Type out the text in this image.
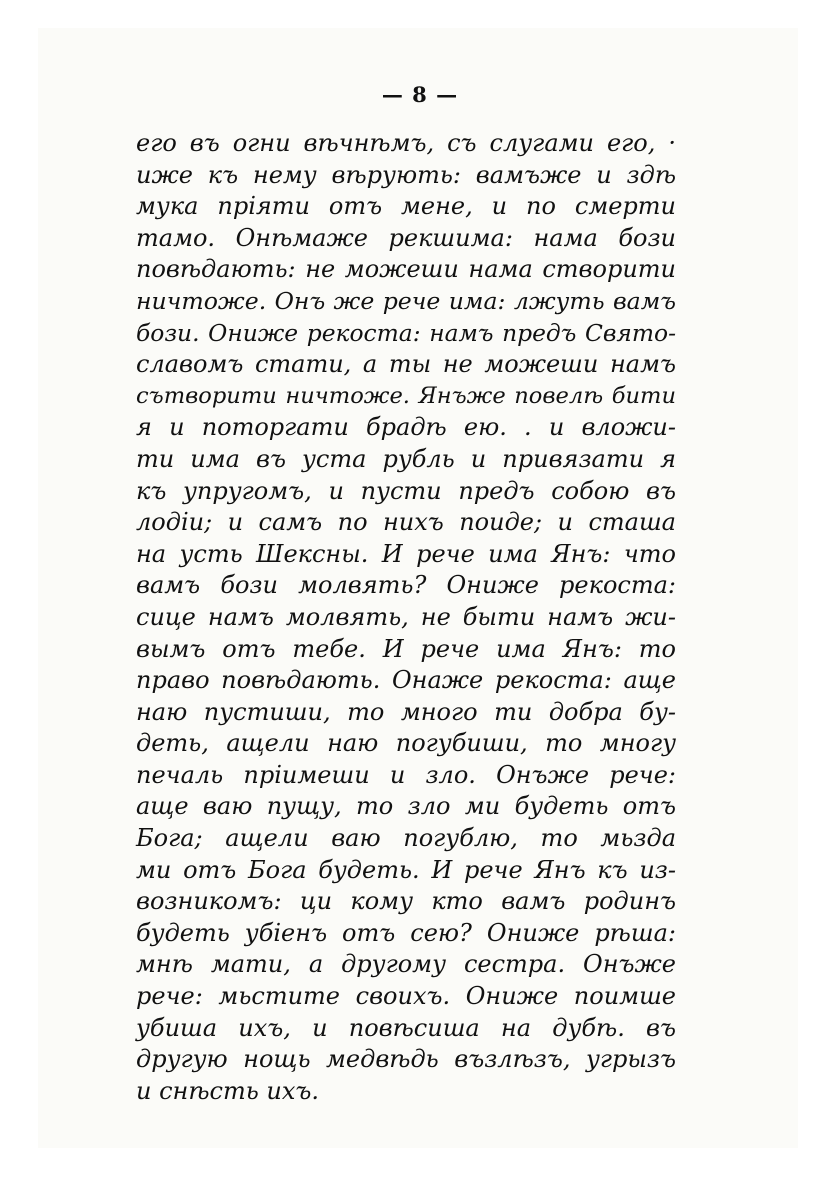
— 8 —
его въ огни вѣчнѣмъ, съ слугами его, ·
иже къ нему вѣрують: вамъже и здѣ
мука пріяти отъ мене, и по смерти
тамо. Онѣмаже рекшима: нама бози
повѣдають: не можеши нама створити
ничтоже. Онъ же рече има: лжуть вамъ
бози. Ониже рекоста: намъ предъ Свято-
славомъ стати, а ты не можеши намъ
сътворити ничтоже. Янъже повелѣ бити
я и поторгати брадѣ ею. . и вложи-
ти има въ уста рубль и привязати я
къ упругомъ, и пусти предъ собою въ
лодіи; и самъ по нихъ поиде; и сташа
на усть Шексны. И рече има Янъ: что
вамъ бози молвять? Ониже рекоста:
сице намъ молвять, не быти намъ жи-
вымъ отъ тебе. И рече има Янъ: то
право повѣдають. Онаже рекоста: аще
наю пустиши, то много ти добра бу-
деть, ащели наю погубиши, то многу
печаль пріимеши и зло. Онъже рече:
аще ваю пущу, то зло ми будеть отъ
Бога; ащели ваю погублю, то мьзда
ми отъ Бога будеть. И рече Янъ къ из-
возникомъ: ци кому кто вамъ родинъ
будеть убіенъ отъ сею? Ониже рѣша:
мнѣ мати, а другому сестра. Онъже
рече: мьстите своихъ. Ониже поимше
убиша ихъ, и повѣсиша на дубѣ. въ
другую нощь медвѣдь възлѣзъ, угрызъ
и снѣсть ихъ.
